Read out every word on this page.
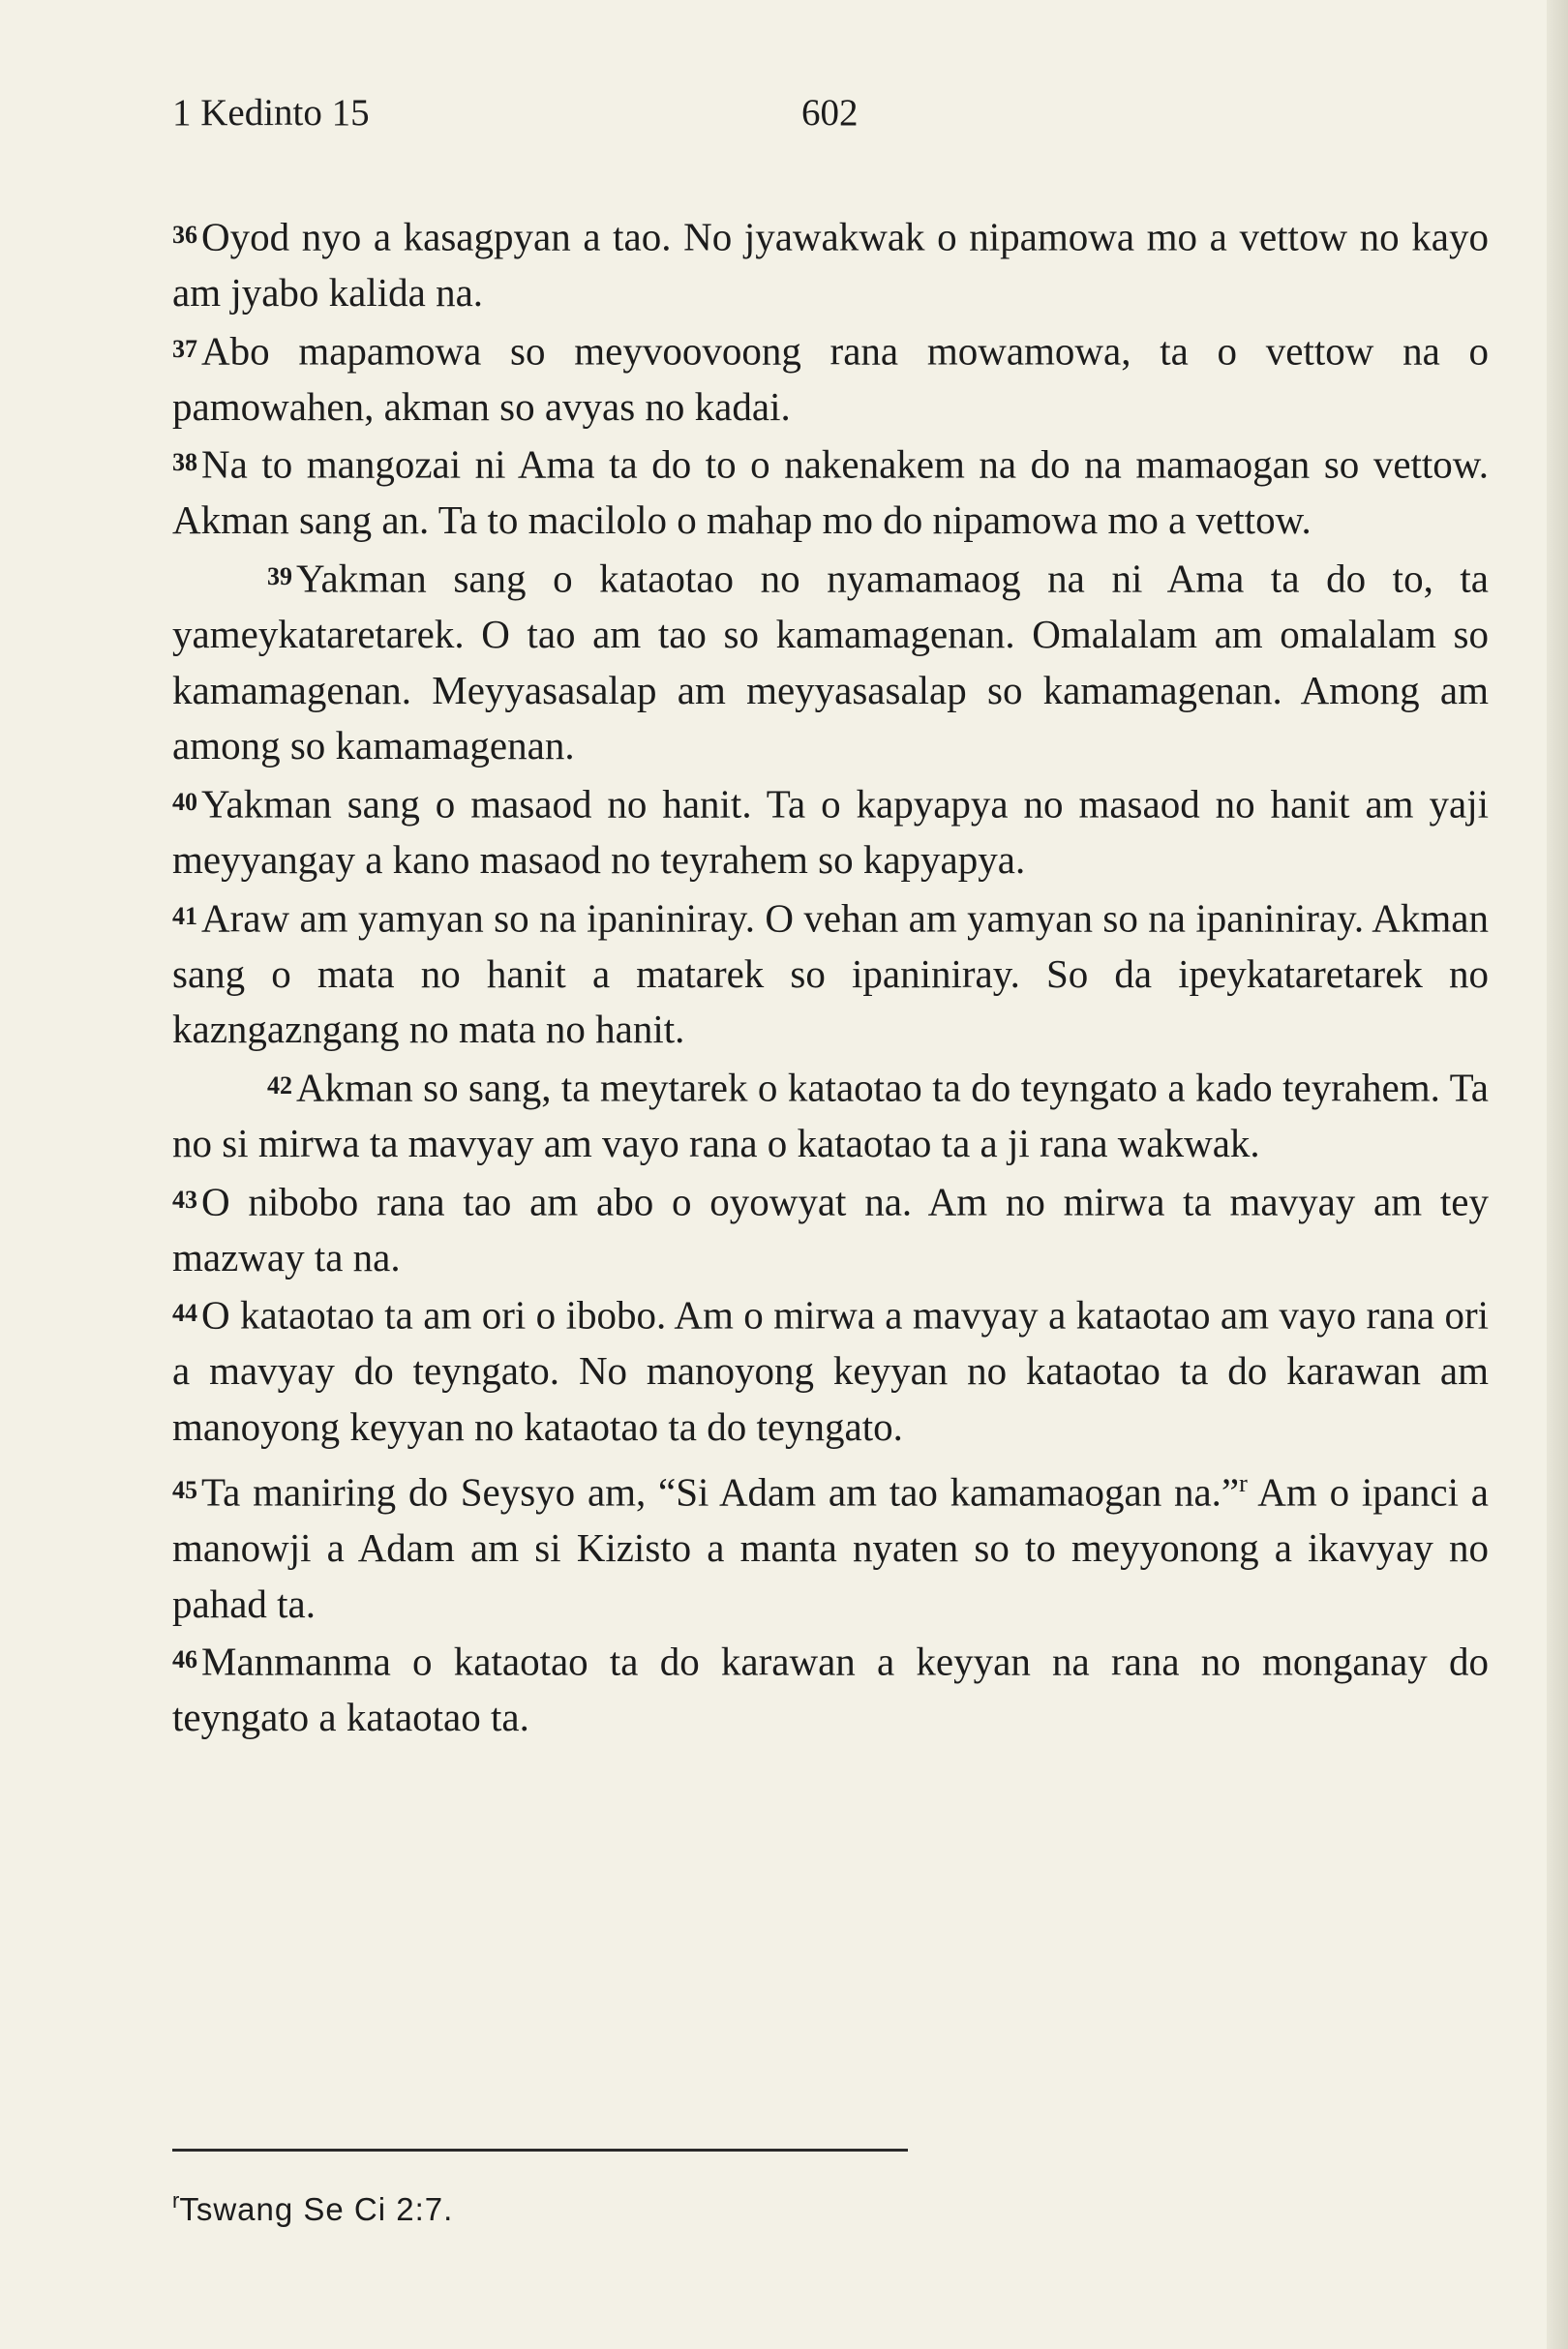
1 Kedinto 15	602

36Oyod nyo a kasagpyan a tao. No jyawakwak o nipamowa mo a vettow no kayo am jyabo kalida na.

37Abo mapamowa so meyvoovoong rana mowamowa, ta o vettow na o pamowahen, akman so avyas no kadai.

38Na to mangozai ni Ama ta do to o nakenakem na do na mamaogan so vettow. Akman sang an. Ta to macilolo o mahap mo do nipamowa mo a vettow.

39Yakman sang o kataotao no nyamamaog na ni Ama ta do to, ta yameykataretarek. O tao am tao so kamamagenan. Omalalam am omalalam so kamamagenan. Meyyasasalap am meyyasasalap so kamamagenan. Among am among so kamamagenan.

40Yakman sang o masaod no hanit. Ta o kapyapya no masaod no hanit am yaji meyyangay a kano masaod no teyrahem so kapyapya.

41Araw am yamyan so na ipaniniray. O vehan am yamyan so na ipaniniray. Akman sang o mata no hanit a matarek so ipaniniray. So da ipeykataretarek no kazngazngang no mata no hanit.

42Akman so sang, ta meytarek o kataotao ta do teyngato a kado teyrahem. Ta no si mirwa ta mavyay am vayo rana o kataotao ta a ji rana wakwak.

43O nibobo rana tao am abo o oyowyat na. Am no mirwa ta mavyay am tey mazway ta na.

44O kataotao ta am ori o ibobo. Am o mirwa a mavyay a kataotao am vayo rana ori a mavyay do teyngato. No manoyong keyyan no kataotao ta do karawan am manoyong keyyan no kataotao ta do teyngato.

45Ta maniring do Seysyo am, “Si Adam am tao kamamaogan na.”$^r$ Am o ipanci a manowji a Adam am si Kizisto a manta nyaten so to meyyonong a ikavyay no pahad ta.

46Manmanma o kataotao ta do karawan a keyyan na rana no monganay do teyngato a kataotao ta.

$^r$Tswang Se Ci 2:7.
